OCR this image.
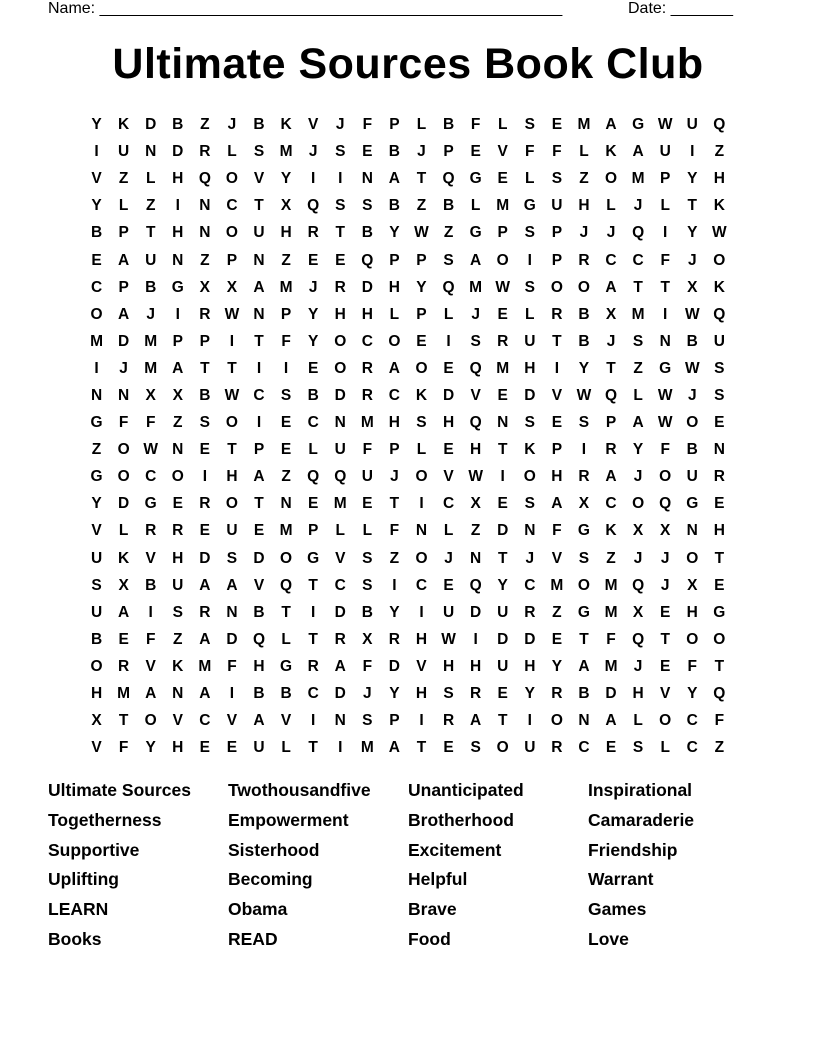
Name: ____________________________________________________	Date: _______
Ultimate Sources Book Club
Y	K	D	B	Z	J	B	K	V	J	F	P	L	B	F	L	S	E M A G W U Q
I	U	N	D	R	L	S M	J	S	E	B	J	P	E	V	F	F	L	K	A	U	I	Z
V	Z	L	H Q O	V	Y	I	I	N	A	T	Q G	E	L	S	Z	O M P	Y	H
Y	L	Z	I	N	C	T	X	Q	S	S	B	Z	B	L	M G U	H	L	J	L	T	K
B	P	T	H	N O U	H	R	T	B	Y W Z	G	P	S	P	J	J	Q	I	Y W
E	A	U	N	Z	P	N	Z	E	E	Q	P	P	S	A O	I	P	R	C	C	F	J	O
C	P	B G	X	X	A M	J	R	D	H	Y	Q M W S	O O A	T	T	X	K
O A	J	I	R W N	P	Y	H	H	L	P	L	J	E	L	R	B	X M	I	W Q
M D M P	P	I	T	F	Y	O C O	E	I	S	R	U	T	B	J	S	N	B	U
I	J	M A	T	T	I	I	E	O R	A O	E	Q M H	I	Y	T	Z	G W S
N	N	X	X	B W C	S	B	D	R	C	K	D	V	E	D	V W Q	L W J	S
G	F	F	Z	S	O	I	E	C	N M H	S	H Q N	S	E	S	P	A W O	E
Z	O W N	E	T	P	E	L	U	F	P	L	E	H	T	K	P	I	R	Y	F	B	N
G O C O	I	H	A	Z	Q Q U	J	O	V W	I	O H	R	A	J	O U	R
Y	D G	E	R O	T	N	E M E	T	I	C	X	E	S	A	X	C O Q G	E
V	L	R	R	E	U	E M P	L	L	F	N	L	Z	D	N	F	G K	X	X	N	H
U	K	V	H	D	S	D O G	V	S	Z	O	J	N	T	J	V	S	Z	J	J	O	T
S	X	B	U	A	A	V	Q	T	C	S	I	C	E	Q	Y	C M O M Q	J	X	E
U	A	I	S	R	N	B	T	I	D	B	Y	I	U	D	U	R	Z	G M X	E	H G
B	E	F	Z	A	D Q	L	T	R	X	R	H W	I	D	D	E	T	F	Q	T	O O
O R	V	K M	F	H G R	A	F	D	V	H	H	U	H	Y	A M	J	E	F	T
H M A	N	A	I	B	B	C	D	J	Y	H	S	R	E	Y	R	B	D	H	V	Y	Q
X	T	O	V	C	V	A	V	I	N	S	P	I	R	A	T	I	O N	A	L	O C	F
V	F	Y	H	E	E	U	L	T	I	M A	T	E	S	O U	R	C	E	S	L	C	Z
Ultimate Sources	Twothousandfive	Unanticipated	Inspirational
Togetherness	Empowerment	Brotherhood	Camaraderie
Supportive	Sisterhood	Excitement	Friendship
Uplifting	Becoming	Helpful	Warrant
LEARN	Obama	Brave	Games
Books	READ	Food	Love
